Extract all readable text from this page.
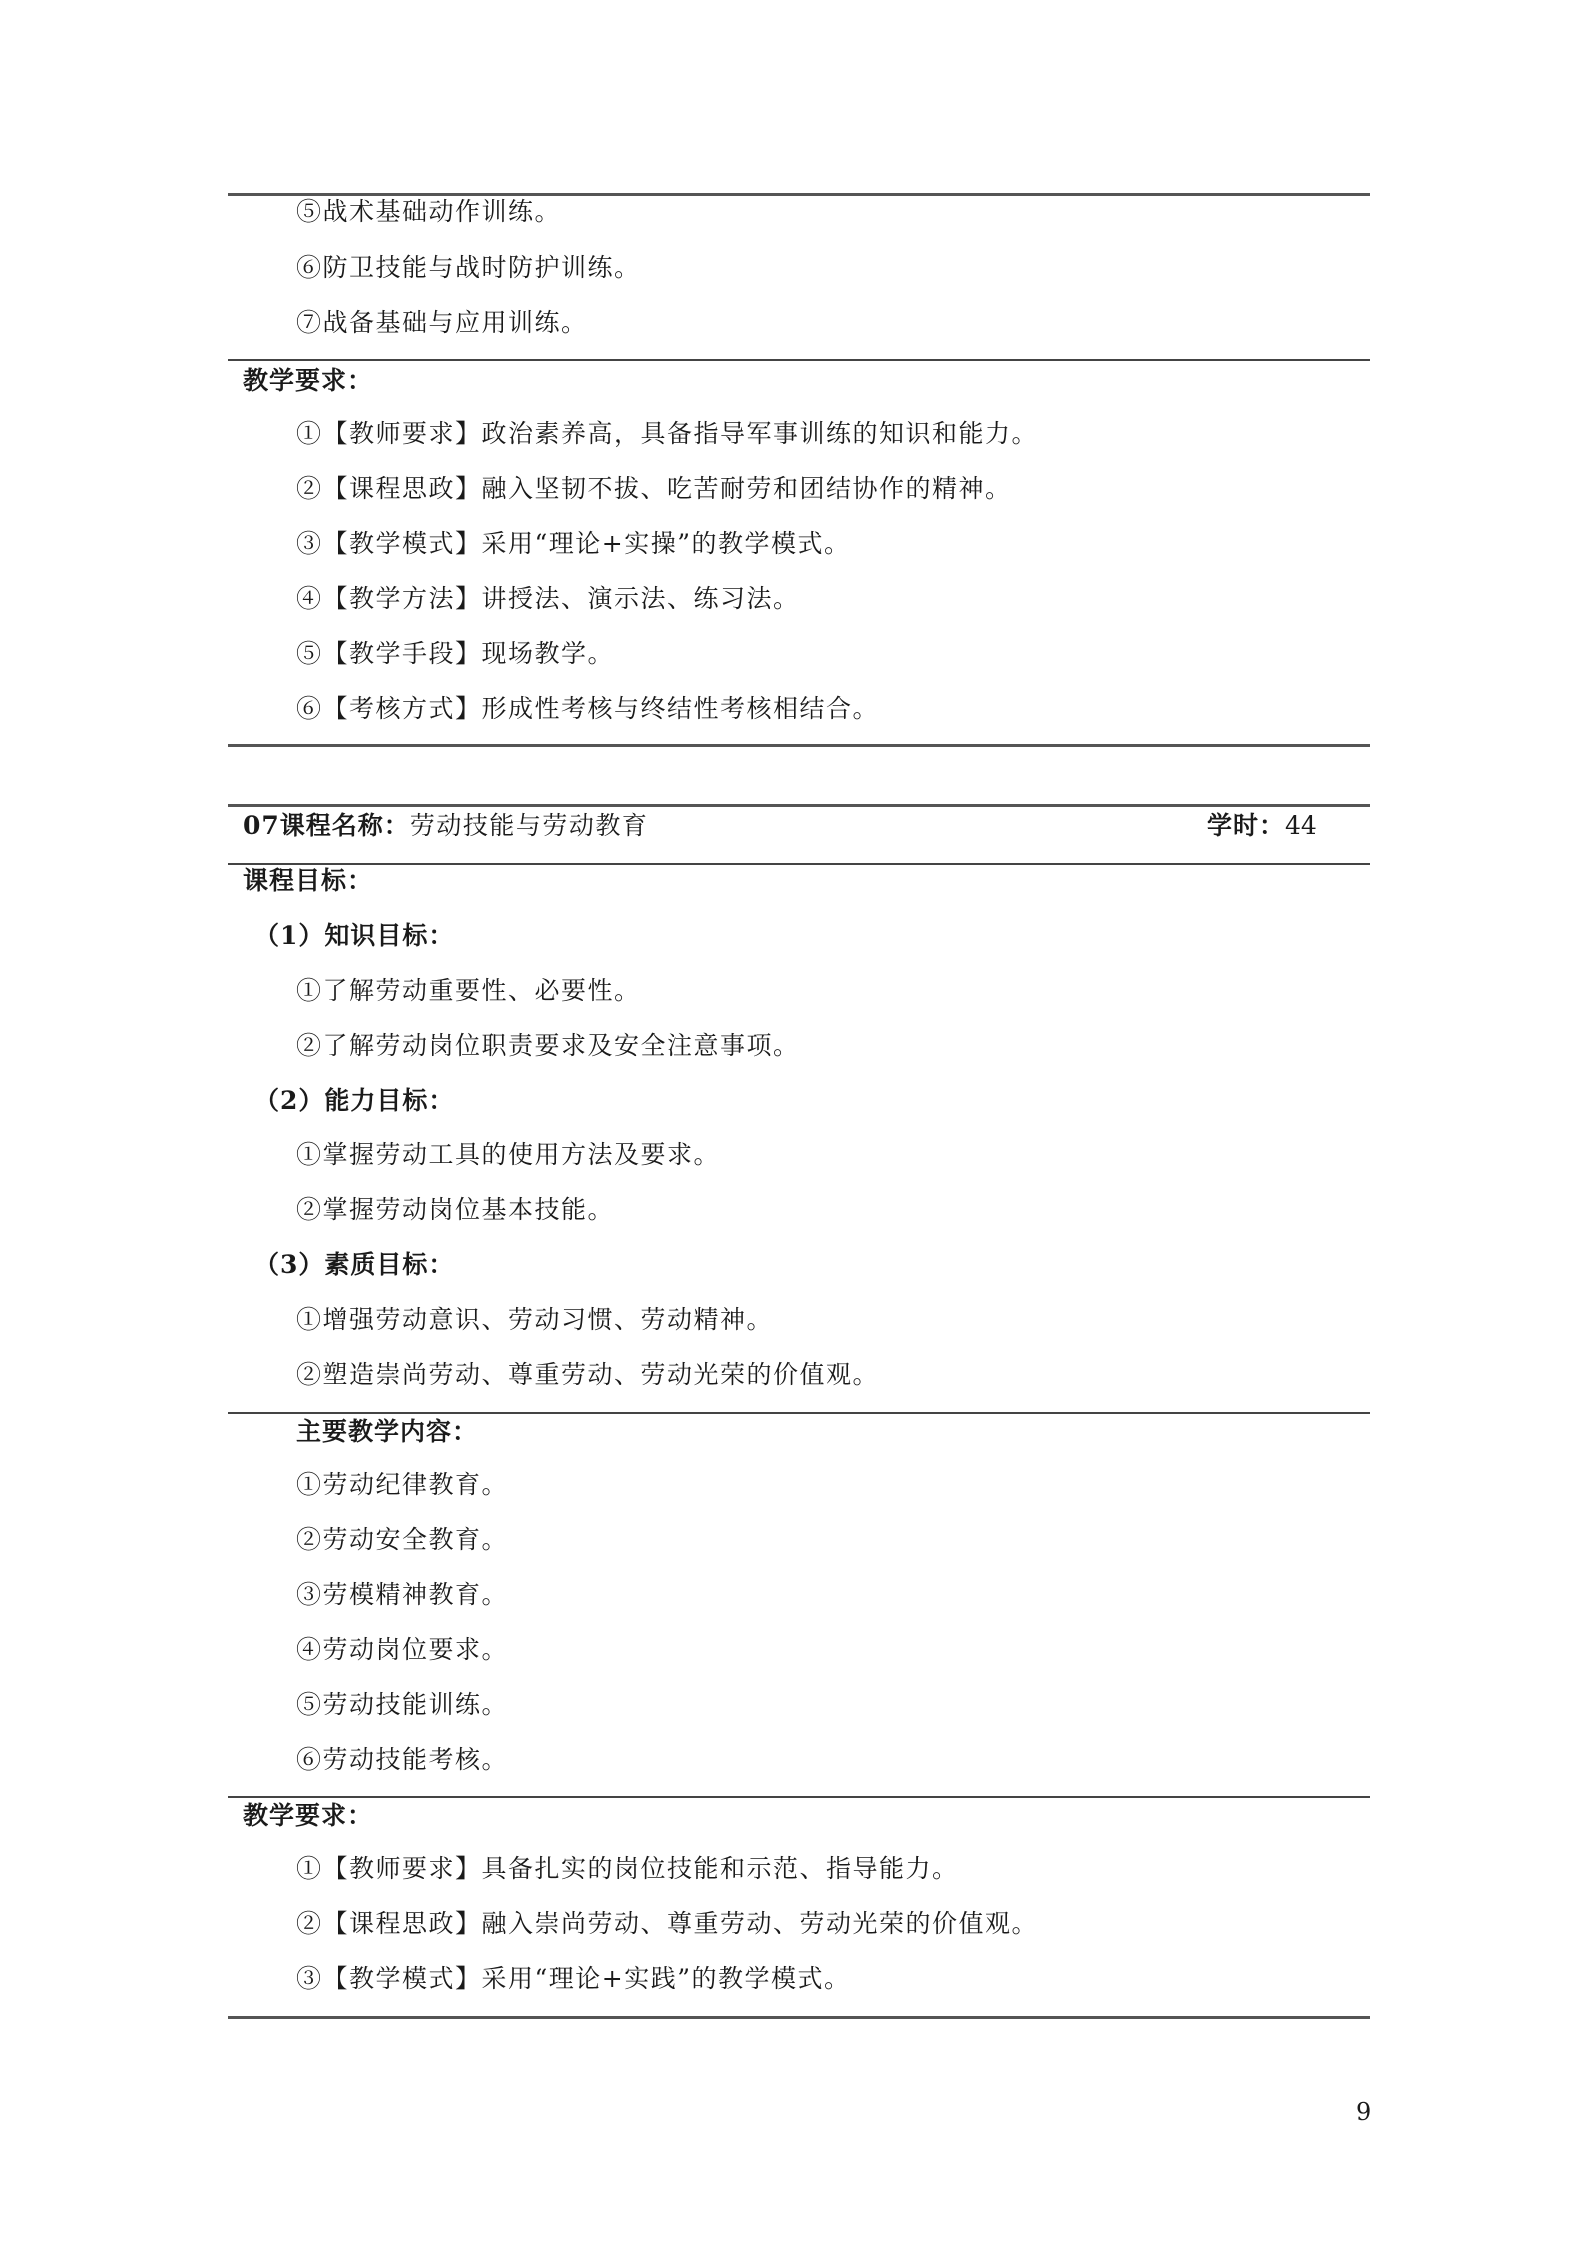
⑤战术基础动作训练。
⑥防卫技能与战时防护训练。
⑦战备基础与应用训练。
教学要求：
①【教师要求】政治素养高，具备指导军事训练的知识和能力。
②【课程思政】融入坚韧不拔、吃苦耐劳和团结协作的精神。
③【教学模式】采用“理论+实操”的教学模式。
④【教学方法】讲授法、演示法、练习法。
⑤【教学手段】现场教学。
⑥【考核方式】形成性考核与终结性考核相结合。
07课程名称：劳动技能与劳动教育	学时：44
课程目标：
（1）知识目标：
①了解劳动重要性、必要性。
②了解劳动岗位职责要求及安全注意事项。
（2）能力目标：
①掌握劳动工具的使用方法及要求。
②掌握劳动岗位基本技能。
（3）素质目标：
①增强劳动意识、劳动习惯、劳动精神。
②塑造崇尚劳动、尊重劳动、劳动光荣的价值观。
主要教学内容：
①劳动纪律教育。
②劳动安全教育。
③劳模精神教育。
④劳动岗位要求。
⑤劳动技能训练。
⑥劳动技能考核。
教学要求：
①【教师要求】具备扎实的岗位技能和示范、指导能力。
②【课程思政】融入崇尚劳动、尊重劳动、劳动光荣的价值观。
③【教学模式】采用“理论+实践”的教学模式。
9
